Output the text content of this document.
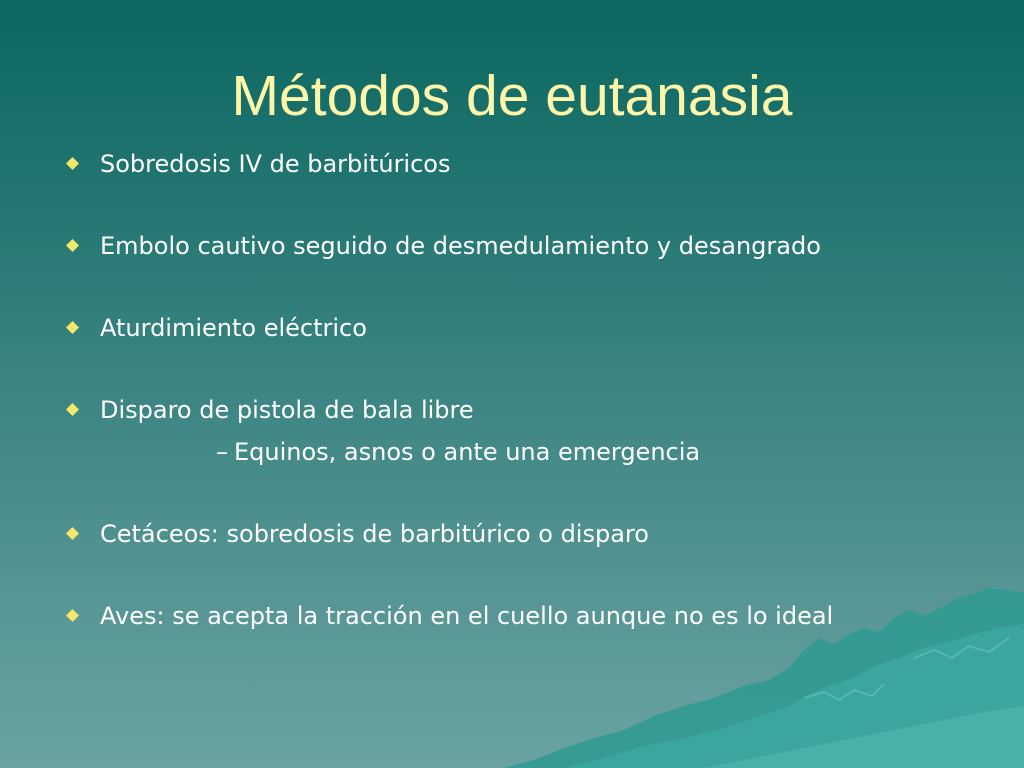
Métodos de eutanasia
Sobredosis IV de barbitúricos
Embolo cautivo seguido de desmedulamiento y desangrado
Aturdimiento eléctrico
Disparo de pistola de bala libre
– Equinos, asnos o ante una emergencia
Cetáceos: sobredosis de barbitúrico o disparo
Aves: se acepta la tracción en el cuello aunque no es lo ideal
